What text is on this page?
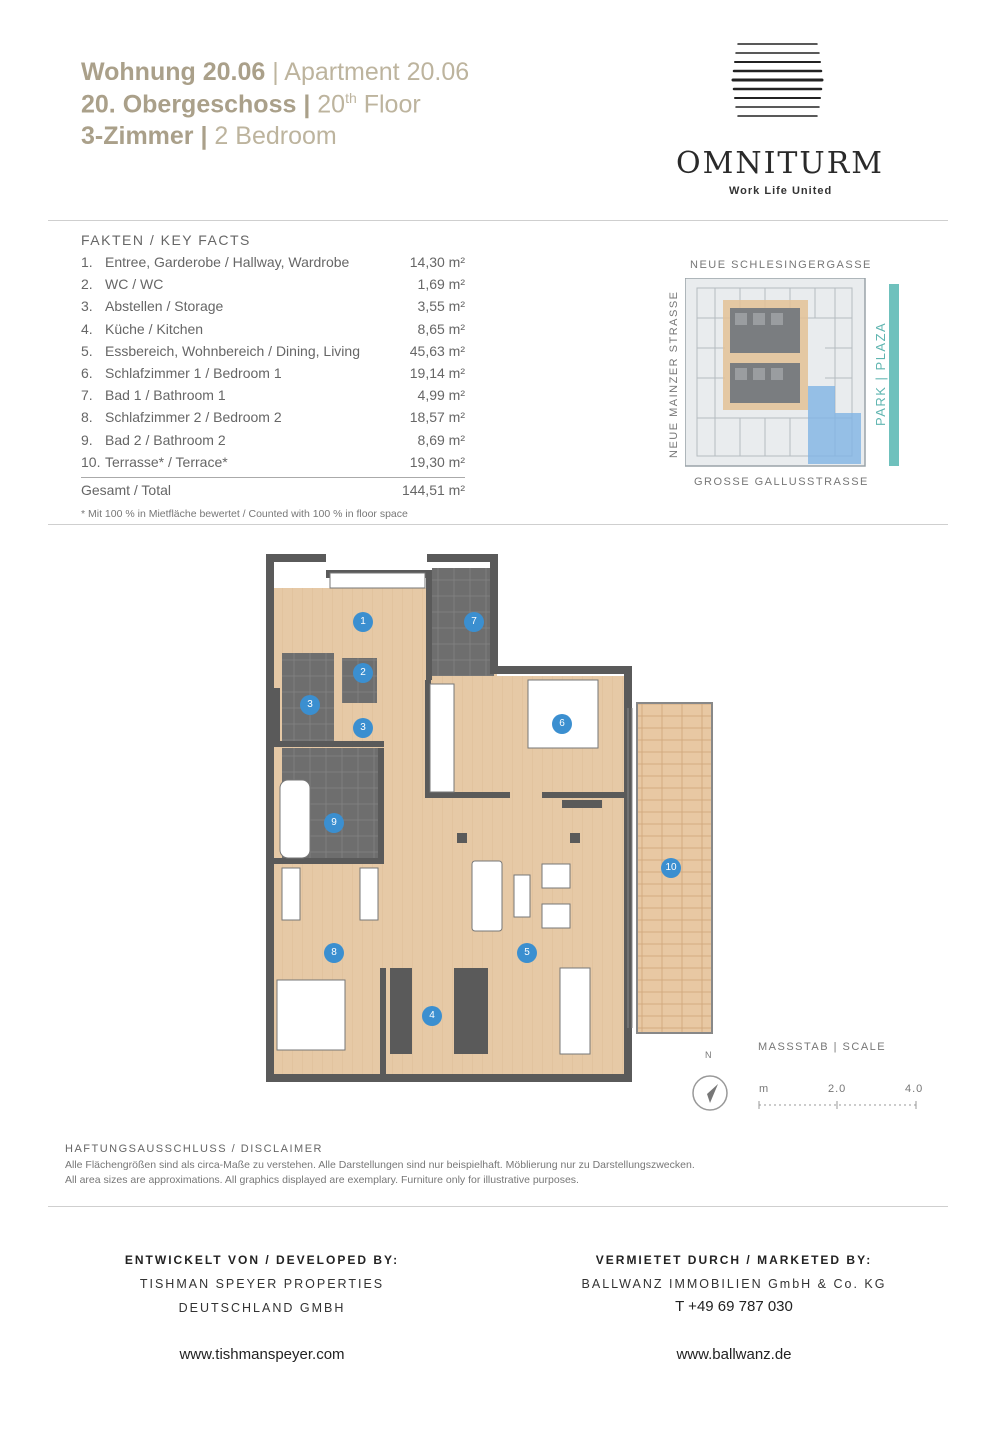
Wohnung 20.06 | Apartment 20.06
20. Obergeschoss | 20th Floor
3-Zimmer | 2 Bedroom
OMNITURM
Work Life United
FAKTEN / KEY FACTS
1. Entree, Garderobe / Hallway, Wardrobe	14,30 m²
2. WC / WC	1,69 m²
3. Abstellen / Storage	3,55 m²
4. Küche / Kitchen	8,65 m²
5. Essbereich, Wohnbereich / Dining, Living	45,63 m²
6. Schlafzimmer 1 / Bedroom 1	19,14 m²
7. Bad 1 / Bathroom 1	4,99 m²
8. Schlafzimmer 2 / Bedroom 2	18,57 m²
9. Bad 2 / Bathroom 2	8,69 m²
10. Terrasse* / Terrace*	19,30 m²
Gesamt / Total	144,51 m²
* Mit 100 % in Mietfläche bewertet / Counted with 100 % in floor space
NEUE SCHLESINGERGASSE
GROSSE GALLUSSTRASSE
NEUE MAINZER STRASSE	PARK | PLAZA
1
2
3
3
4
5
6
7
8
9
10
MASSSTAB | SCALE
N
m	2.0	4.0
HAFTUNGSAUSSCHLUSS / DISCLAIMER
Alle Flächengrößen sind als circa-Maße zu verstehen. Alle Darstellungen sind nur beispielhaft. Möblierung nur zu Darstellungszwecken.
All area sizes are approximations. All graphics displayed are exemplary. Furniture only for illustrative purposes.
ENTWICKELT VON / DEVELOPED BY:
TISHMAN SPEYER PROPERTIES
DEUTSCHLAND GMBH
www.tishmanspeyer.com
VERMIETET DURCH / MARKETED BY:
BALLWANZ IMMOBILIEN GmbH & Co. KG
T +49 69 787 030
www.ballwanz.de
